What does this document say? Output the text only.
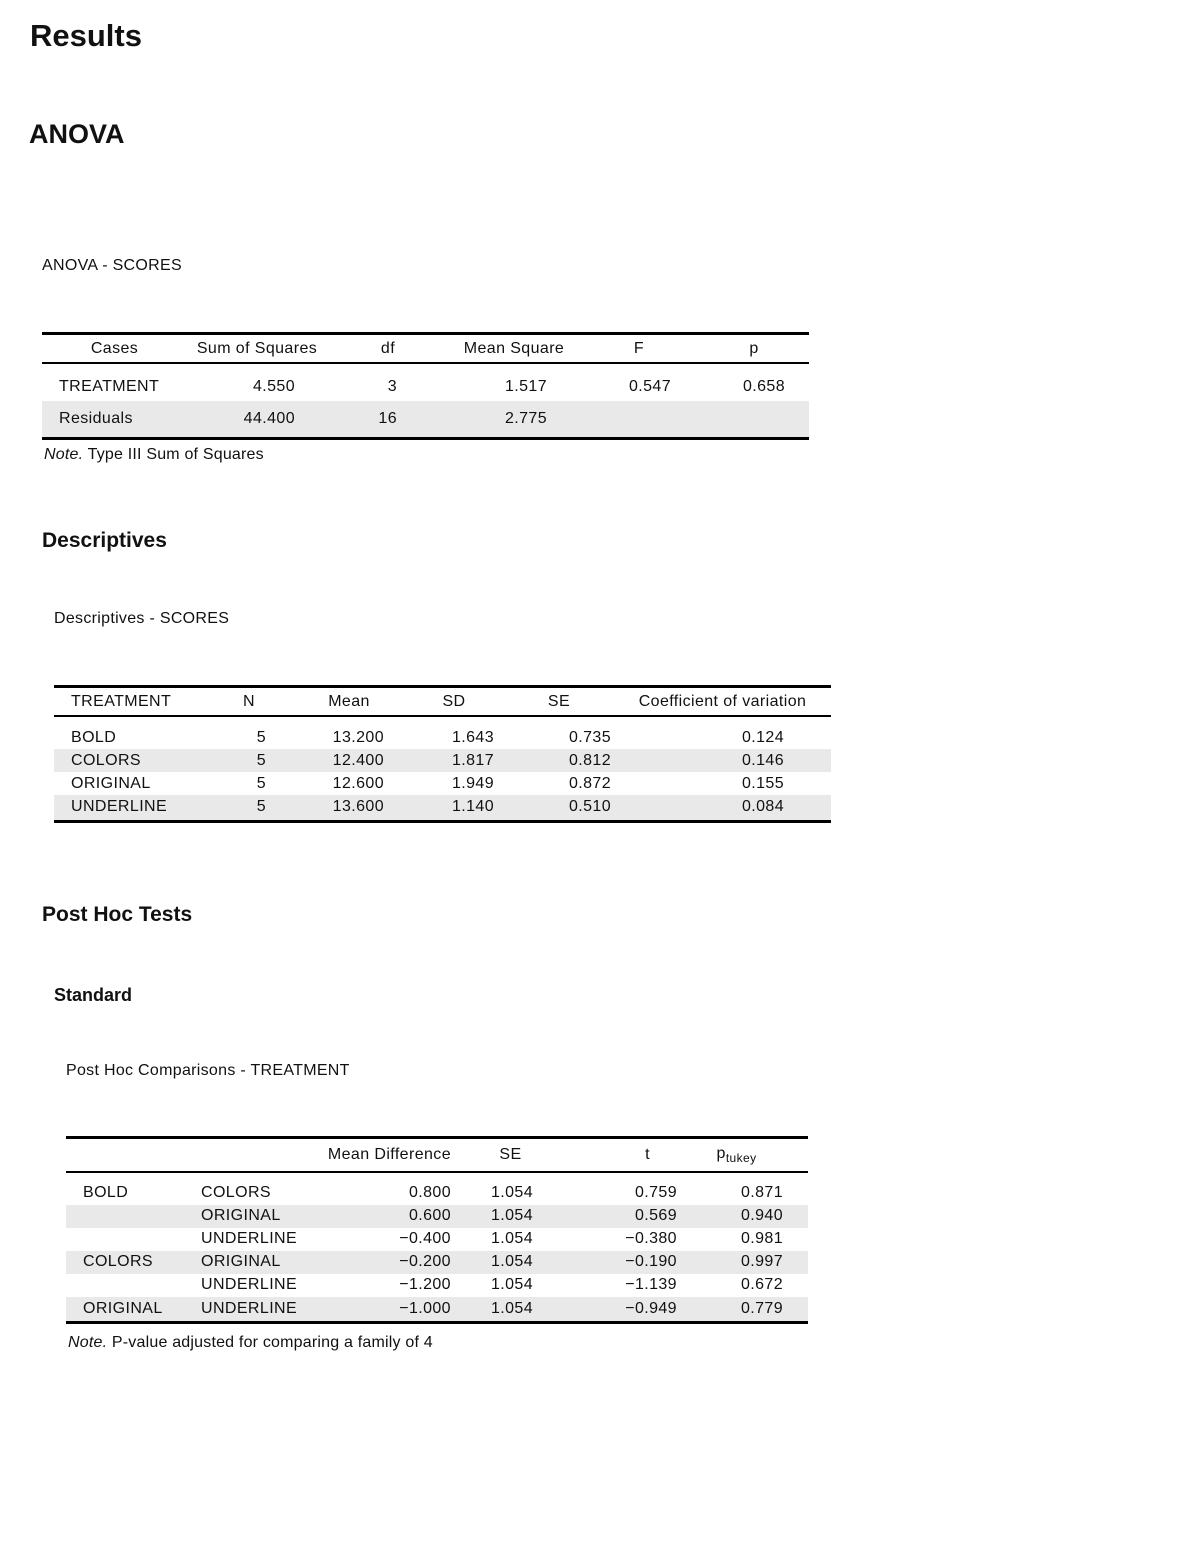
Results
ANOVA
ANOVA - SCORES
Cases	Sum of Squares	df	Mean Square	F	p

TREATMENT	4.550	3	1.517	0.547	0.658
Residuals	44.400	16	2.775		
Note. Type III Sum of Squares
Descriptives
Descriptives - SCORES
TREATMENT	N	Mean	SD	SE	Coefficient of variation

BOLD	5	13.200	1.643	0.735	0.124
COLORS	5	12.400	1.817	0.812	0.146
ORIGINAL	5	12.600	1.949	0.872	0.155
UNDERLINE	5	13.600	1.140	0.510	0.084
Post Hoc Tests
Standard
Post Hoc Comparisons - TREATMENT
		Mean Difference	SE	t	$p_{tukey}$

BOLD	COLORS	0.800	1.054	0.759	0.871
	ORIGINAL	0.600	1.054	0.569	0.940
	UNDERLINE	−0.400	1.054	−0.380	0.981
COLORS	ORIGINAL	−0.200	1.054	−0.190	0.997
	UNDERLINE	−1.200	1.054	−1.139	0.672
ORIGINAL	UNDERLINE	−1.000	1.054	−0.949	0.779
Note. P-value adjusted for comparing a family of 4
